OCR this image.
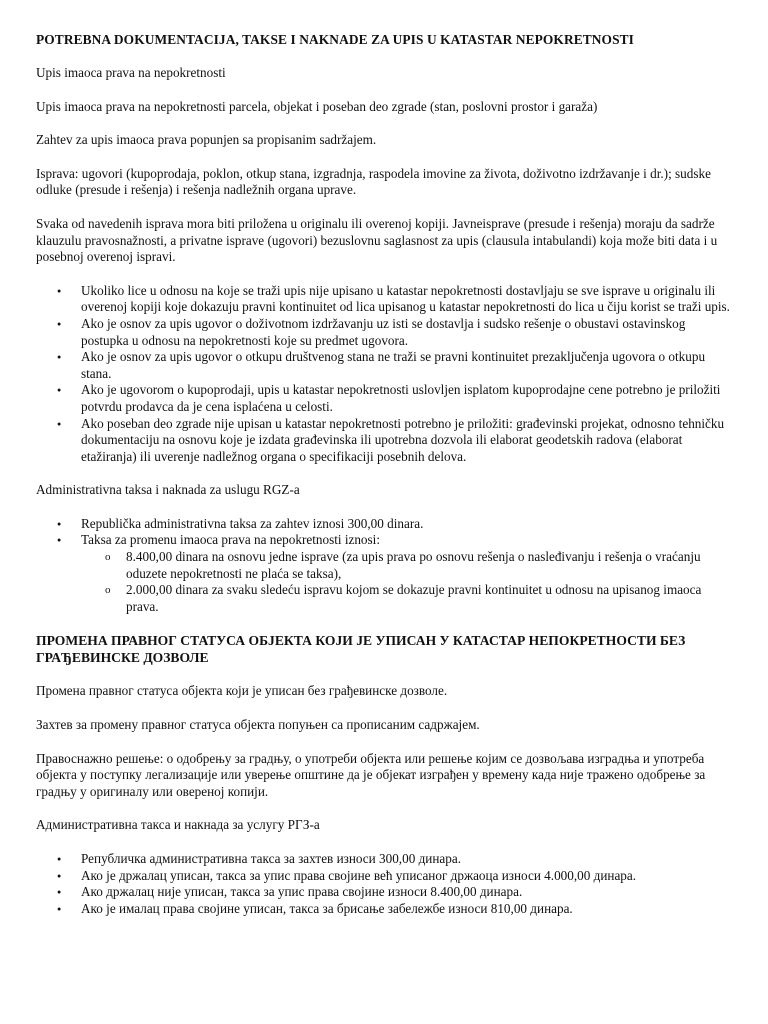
POTREBNA DOKUMENTACIJA, TAKSE I NAKNADE ZA UPIS U KATASTAR NEPOKRETNOSTI

Upis imaoca prava na nepokretnosti

Upis imaoca prava na nepokretnosti parcela, objekat i poseban deo zgrade (stan, poslovni prostor i garaža)

Zahtev za upis imaoca prava popunjen sa propisanim sadržajem.

Isprava: ugovori (kupoprodaja, poklon, otkup stana, izgradnja, raspodela imovine za života, doživotno izdržavanje i dr.); sudske odluke (presude i rešenja) i rešenja nadležnih organa uprave.

Svaka od navedenih isprava mora biti priložena u originalu ili overenoj kopiji. Javneisprave (presude i rešenja) moraju da sadrže klauzulu pravosnažnosti, a privatne isprave (ugovori) bezuslovnu saglasnost za upis (clausula intabulandi) koja može biti data i u posebnoj overenoj ispravi.

● Ukoliko lice u odnosu na koje se traži upis nije upisano u katastar nepokretnosti dostavljaju se sve isprave u originalu ili overenoj kopiji koje dokazuju pravni kontinuitet od lica upisanog u katastar nepokretnosti do lica u čiju korist se traži upis.
● Ako je osnov za upis ugovor o doživotnom izdržavanju uz isti se dostavlja i sudsko rešenje o obustavi ostavinskog postupka u odnosu na nepokretnosti koje su predmet ugovora.
● Ako je osnov za upis ugovor o otkupu društvenog stana ne traži se pravni kontinuitet prezaključenja ugovora o otkupu stana.
● Ako je ugovorom o kupoprodaji, upis u katastar nepokretnosti uslovljen isplatom kupoprodajne cene potrebno je priložiti potvrdu prodavca da je cena isplaćena u celosti.
● Ako poseban deo zgrade nije upisan u katastar nepokretnosti potrebno je priložiti: građevinski projekat, odnosno tehničku dokumentaciju na osnovu koje je izdata građevinska ili upotrebna dozvola ili elaborat geodetskih radova (elaborat etažiranja) ili uverenje nadležnog organa o specifikaciji posebnih delova.

Administrativna taksa i naknada za uslugu RGZ-a

● Republička administrativna taksa za zahtev iznosi 300,00 dinara.
● Taksa za promenu imaoca prava na nepokretnosti iznosi:
o 8.400,00 dinara na osnovu jedne isprave (za upis prava po osnovu rešenja o nasleđivanju i rešenja o vraćanju oduzete nepokretnosti ne plaća se taksa),
o 2.000,00 dinara za svaku sledeću ispravu kojom se dokazuje pravni kontinuitet u odnosu na upisanog imaoca prava.
ПРОМЕНА ПРАВНОГ СТАТУСА ОБЈЕКТА КОЈИ ЈЕ УПИСАН У КАТАСТАР НЕПОКРЕТНОСТИ БЕЗ ГРАЂЕВИНСКЕ ДОЗВОЛЕ

Промена правног статуса објекта који је уписан без грађевинске дозволе.

Захтев за промену правног статуса објекта попуњен са прописаним садржајем.

Правоснажно решење: о одобрењу за градњу, о употреби објекта или решење којим се дозвољава изградња и употреба објекта у поступку легализације или уверење општине да је објекат изграђен у времену када није тражено одобрење за градњу у оригиналу или овереној копији.

Административна такса и накнада за услугу РГЗ-а

● Републичка административна такса за захтев износи 300,00 динара.
● Ако је држалац уписан, такса за упис права својине већ уписаног држаоца износи 4.000,00 динара.
● Ако држалац није уписан, такса за упис права својине износи 8.400,00 динара.
● Ако је ималац права својине уписан, такса за брисање забележбе износи 810,00 динара.
